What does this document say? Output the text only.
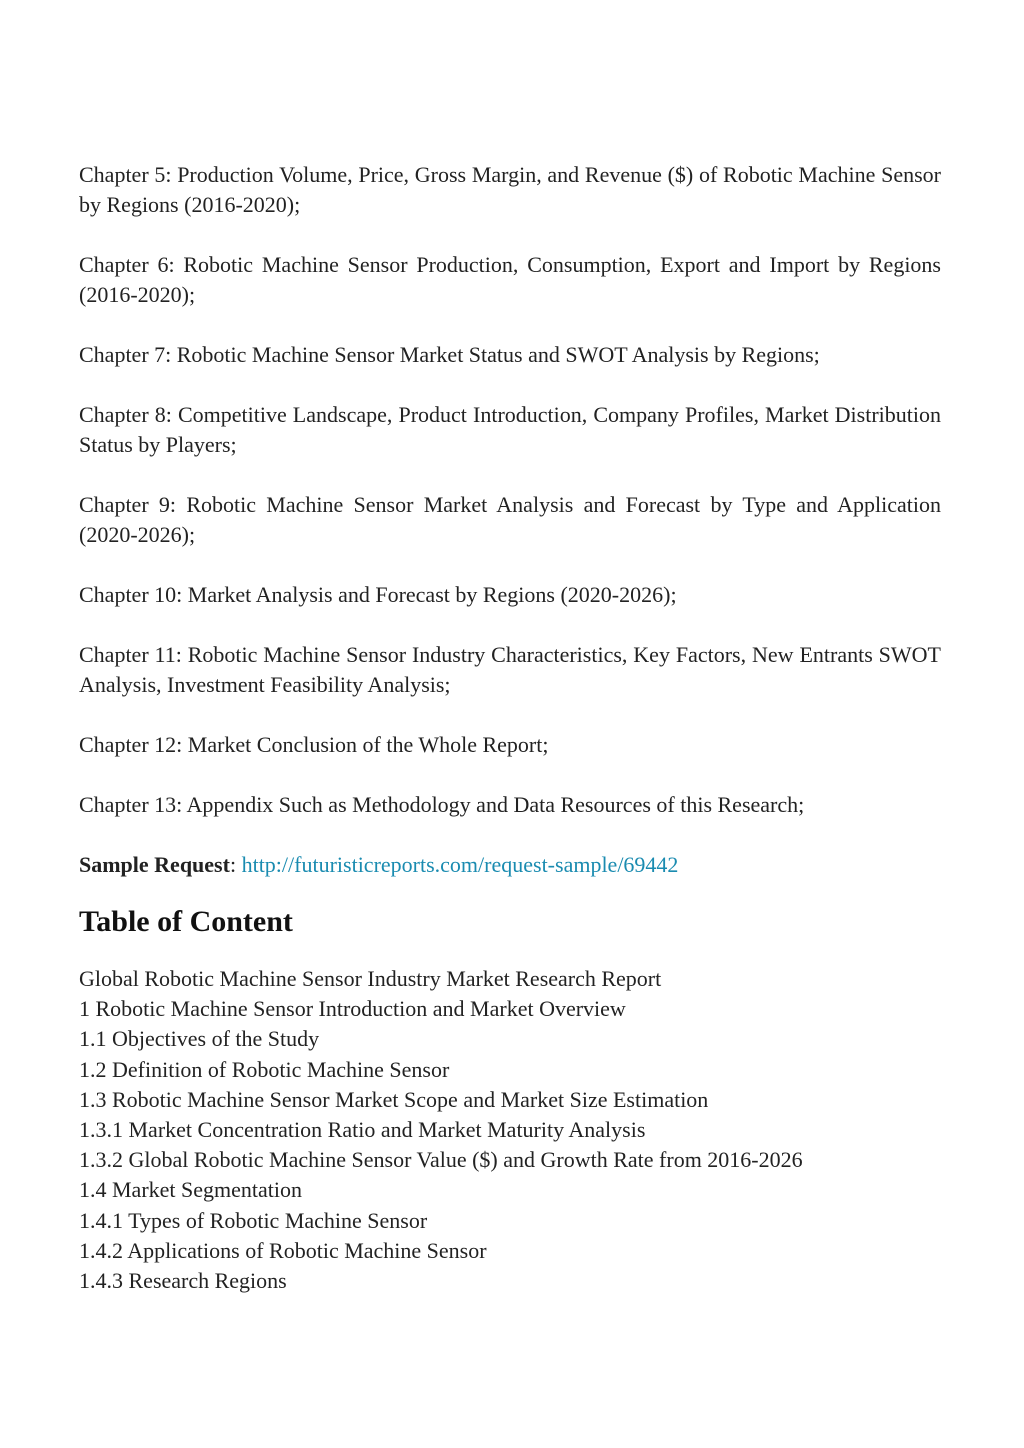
Chapter 5: Production Volume, Price, Gross Margin, and Revenue ($) of Robotic Machine Sensor by Regions (2016-2020);

Chapter 6: Robotic Machine Sensor Production, Consumption, Export and Import by Regions (2016-2020);

Chapter 7: Robotic Machine Sensor Market Status and SWOT Analysis by Regions;

Chapter 8: Competitive Landscape, Product Introduction, Company Profiles, Market Distribution Status by Players;

Chapter 9: Robotic Machine Sensor Market Analysis and Forecast by Type and Application (2020-2026);

Chapter 10: Market Analysis and Forecast by Regions (2020-2026);

Chapter 11: Robotic Machine Sensor Industry Characteristics, Key Factors, New Entrants SWOT Analysis, Investment Feasibility Analysis;

Chapter 12: Market Conclusion of the Whole Report;

Chapter 13: Appendix Such as Methodology and Data Resources of this Research;

Sample Request: http://futuristicreports.com/request-sample/69442

Table of Content
Global Robotic Machine Sensor Industry Market Research Report
1 Robotic Machine Sensor Introduction and Market Overview
1.1 Objectives of the Study
1.2 Definition of Robotic Machine Sensor
1.3 Robotic Machine Sensor Market Scope and Market Size Estimation
1.3.1 Market Concentration Ratio and Market Maturity Analysis
1.3.2 Global Robotic Machine Sensor Value ($) and Growth Rate from 2016-2026
1.4 Market Segmentation
1.4.1 Types of Robotic Machine Sensor
1.4.2 Applications of Robotic Machine Sensor
1.4.3 Research Regions
